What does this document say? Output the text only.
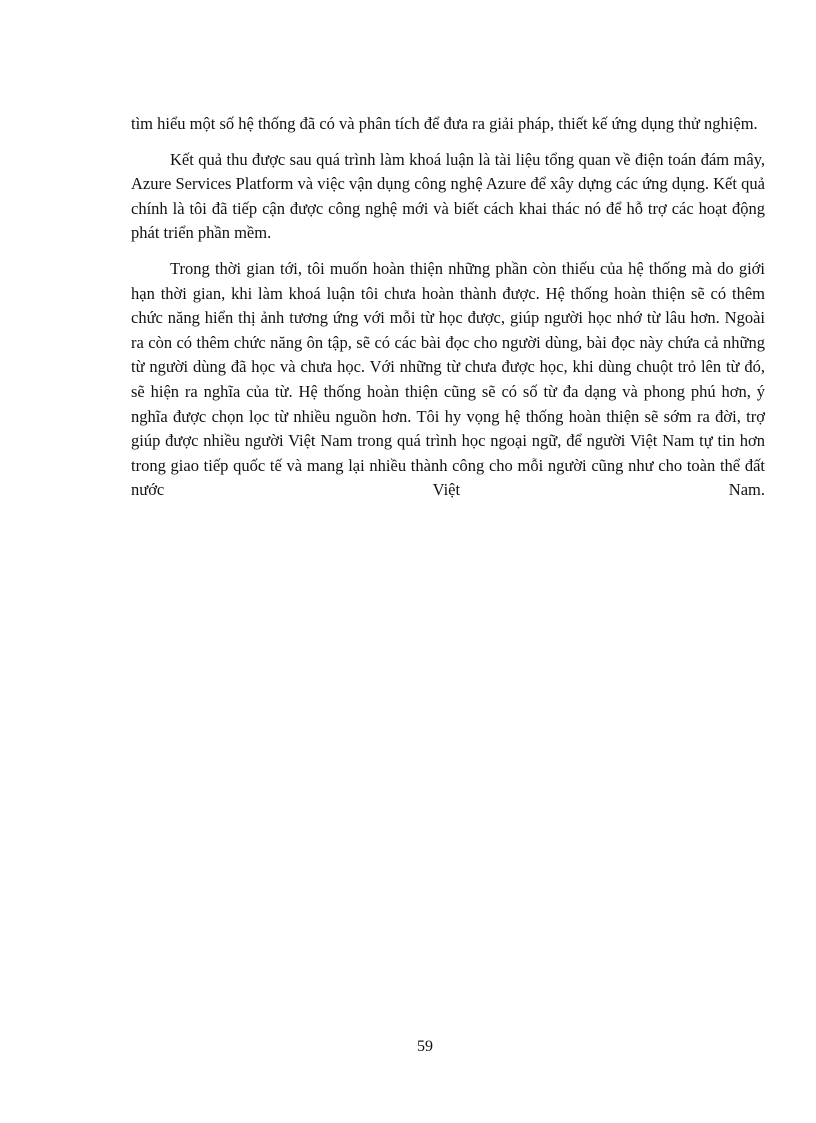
tìm hiểu một số hệ thống đã có và phân tích để đưa ra giải pháp, thiết kế ứng dụng thử nghiệm.

Kết quả thu được sau quá trình làm khoá luận là tài liệu tổng quan về điện toán đám mây, Azure Services Platform và việc vận dụng công nghệ Azure để xây dựng các ứng dụng. Kết quả chính là tôi đã tiếp cận được công nghệ mới và biết cách khai thác nó để hỗ trợ các hoạt động phát triển phần mềm.

Trong thời gian tới, tôi muốn hoàn thiện những phần còn thiếu của hệ thống mà do giới hạn thời gian, khi làm khoá luận tôi chưa hoàn thành được. Hệ thống hoàn thiện sẽ có thêm chức năng hiển thị ảnh tương ứng với mỗi từ học được, giúp người học nhớ từ lâu hơn. Ngoài ra còn có thêm chức năng ôn tập, sẽ có các bài đọc cho người dùng, bài đọc này chứa cả những từ người dùng đã học và chưa học. Với những từ chưa được học, khi dùng chuột trỏ lên từ đó, sẽ hiện ra nghĩa của từ. Hệ thống hoàn thiện cũng sẽ có số từ đa dạng và phong phú hơn, ý nghĩa được chọn lọc từ nhiều nguồn hơn. Tôi hy vọng hệ thống hoàn thiện sẽ sớm ra đời, trợ giúp được nhiều người Việt Nam trong quá trình học ngoại ngữ, để người Việt Nam tự tin hơn trong giao tiếp quốc tế và mang lại nhiều thành công cho mỗi người cũng như cho toàn thể đất nước Việt Nam.

59
